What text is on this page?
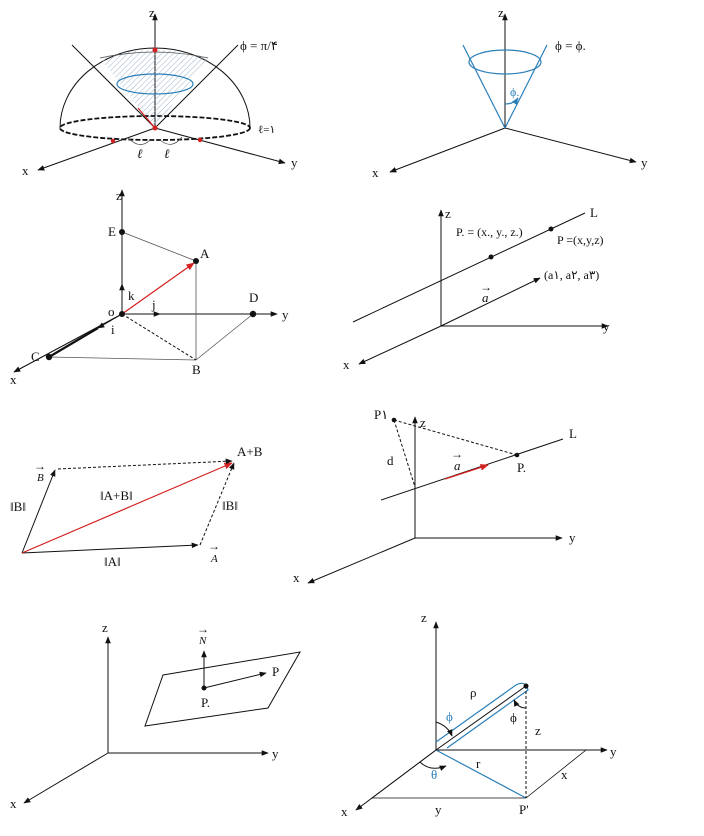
z
x
y
ϕ = π/۴
ℓ ℓ
ℓ=۱
z
x
y
ϕ = ϕ.
ϕ.
z
y
x
E
A
D
C
B
o
i
j
k
z
y
x
L
P. = (x., y., z.)
P =(x,y,z)
(a۱, a۲, a۳)
→
a
→
B
→
A
A+B
‖A+B‖
‖B‖	‖B‖
‖A‖
z
y
x
L
P۱
d	→
a	P.
z
y
x
→
N
P
P.
z
y
x
ρ
ϕ	ϕ
z
θ
r
x
y	P'
